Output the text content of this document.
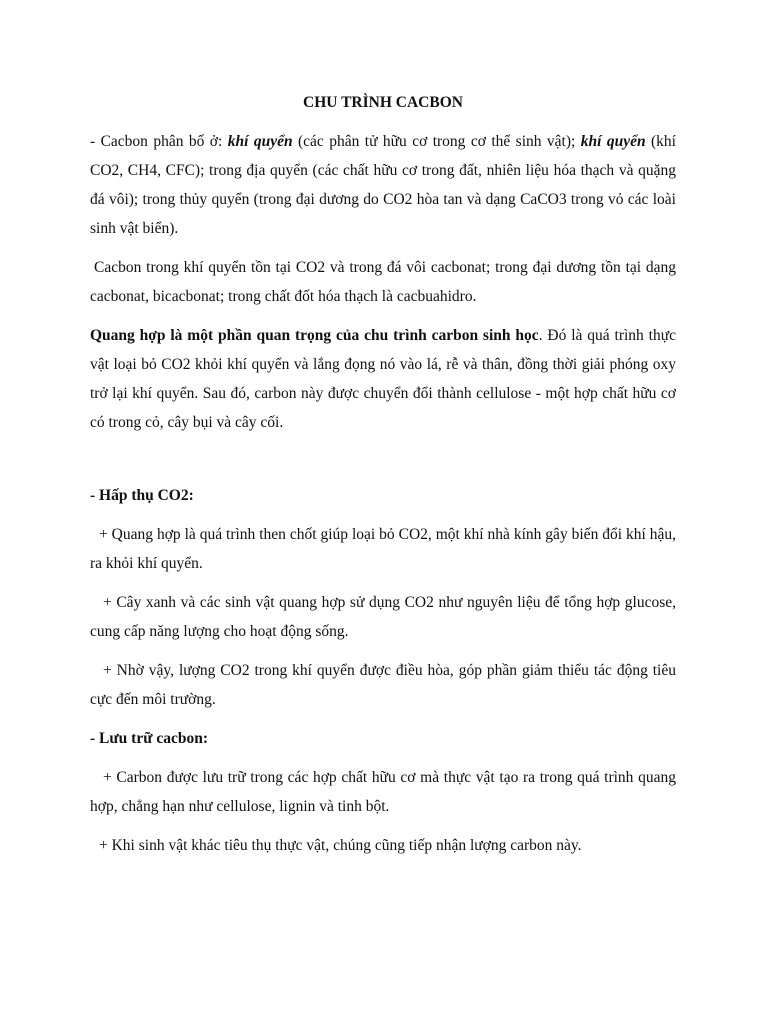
CHU TRÌNH CACBON

- Cacbon phân bố ở: khí quyển (các phân tử hữu cơ trong cơ thể sinh vật); khí quyển (khí CO2, CH4, CFC); trong địa quyển (các chất hữu cơ trong đất, nhiên liệu hóa thạch và quặng đá vôi); trong thủy quyển (trong đại dương do CO2 hòa tan và dạng CaCO3 trong vỏ các loài sinh vật biển).

Cacbon trong khí quyển tồn tại CO2 và trong đá vôi cacbonat; trong đại dương tồn tại dạng cacbonat, bicacbonat; trong chất đốt hóa thạch là cacbuahidro.

Quang hợp là một phần quan trọng của chu trình carbon sinh học. Đó là quá trình thực vật loại bỏ CO2 khỏi khí quyển và lắng đọng nó vào lá, rễ và thân, đồng thời giải phóng oxy trở lại khí quyển. Sau đó, carbon này được chuyển đổi thành cellulose - một hợp chất hữu cơ có trong cỏ, cây bụi và cây cối.

- Hấp thụ CO2:

+ Quang hợp là quá trình then chốt giúp loại bỏ CO2, một khí nhà kính gây biến đổi khí hậu, ra khỏi khí quyển.

+ Cây xanh và các sinh vật quang hợp sử dụng CO2 như nguyên liệu để tổng hợp glucose, cung cấp năng lượng cho hoạt động sống.

+ Nhờ vậy, lượng CO2 trong khí quyển được điều hòa, góp phần giảm thiểu tác động tiêu cực đến môi trường.

- Lưu trữ cacbon:

+ Carbon được lưu trữ trong các hợp chất hữu cơ mà thực vật tạo ra trong quá trình quang hợp, chẳng hạn như cellulose, lignin và tinh bột.

+ Khi sinh vật khác tiêu thụ thực vật, chúng cũng tiếp nhận lượng carbon này.
